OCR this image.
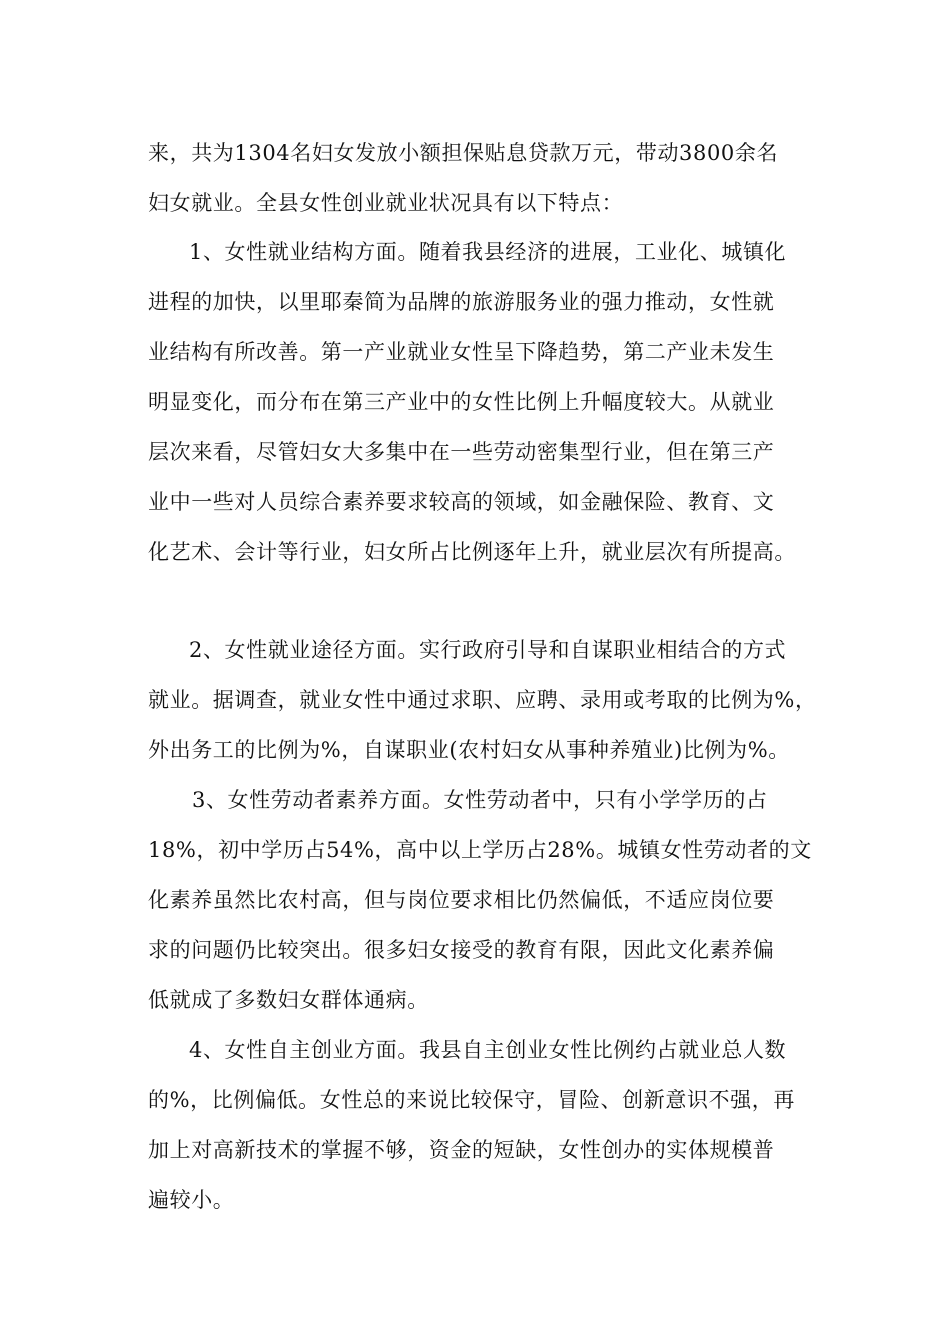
来，共为1304名妇女发放小额担保贴息贷款万元，带动3800余名
妇女就业。全县女性创业就业状况具有以下特点：
1、女性就业结构方面。随着我县经济的进展，工业化、城镇化
进程的加快，以里耶秦简为品牌的旅游服务业的强力推动，女性就
业结构有所改善。第一产业就业女性呈下降趋势，第二产业未发生
明显变化，而分布在第三产业中的女性比例上升幅度较大。从就业
层次来看，尽管妇女大多集中在一些劳动密集型行业，但在第三产
业中一些对人员综合素养要求较高的领域，如金融保险、教育、文
化艺术、会计等行业，妇女所占比例逐年上升，就业层次有所提高。
2、女性就业途径方面。实行政府引导和自谋职业相结合的方式
就业。据调查，就业女性中通过求职、应聘、录用或考取的比例为%，
外出务工的比例为%，自谋职业(农村妇女从事种养殖业)比例为%。
3、女性劳动者素养方面。女性劳动者中，只有小学学历的占
18%，初中学历占54%，高中以上学历占28%。城镇女性劳动者的文
化素养虽然比农村高，但与岗位要求相比仍然偏低，不适应岗位要
求的问题仍比较突出。很多妇女接受的教育有限，因此文化素养偏
低就成了多数妇女群体通病。
4、女性自主创业方面。我县自主创业女性比例约占就业总人数
的%，比例偏低。女性总的来说比较保守，冒险、创新意识不强，再
加上对高新技术的掌握不够，资金的短缺，女性创办的实体规模普
遍较小。
